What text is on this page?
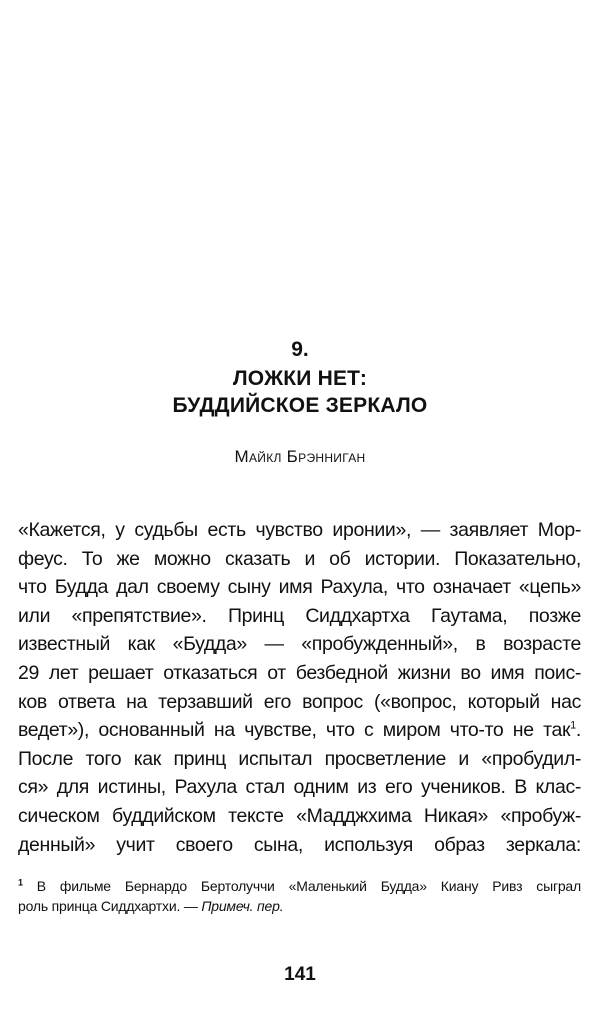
9.
ЛОЖКИ НЕТ:
БУДДИЙСКОЕ ЗЕРКАЛО
Майкл Брэнниган
«Кажется, у судьбы есть чувство иронии», — заявляет Мор-
феус. То же можно сказать и об истории. Показательно,
что Будда дал своему сыну имя Рахула, что означает «цепь»
или «препятствие». Принц Сиддхартха Гаутама, позже
известный как «Будда» — «пробужденный», в возрасте
29 лет решает отказаться от безбедной жизни во имя поис-
ков ответа на терзавший его вопрос («вопрос, который нас
ведет»), основанный на чувстве, что с миром что-то не так$^1$.
После того как принц испытал просветление и «пробудил-
ся» для истины, Рахула стал одним из его учеников. В клас-
сическом буддийском тексте «Мадджхима Никая» «пробуж-
денный» учит своего сына, используя образ зеркала:
$^1$ В фильме Бернардо Бертолуччи «Маленький Будда» Киану Ривз сыграл
роль принца Сиддхартхи. — Примеч. пер.
141
